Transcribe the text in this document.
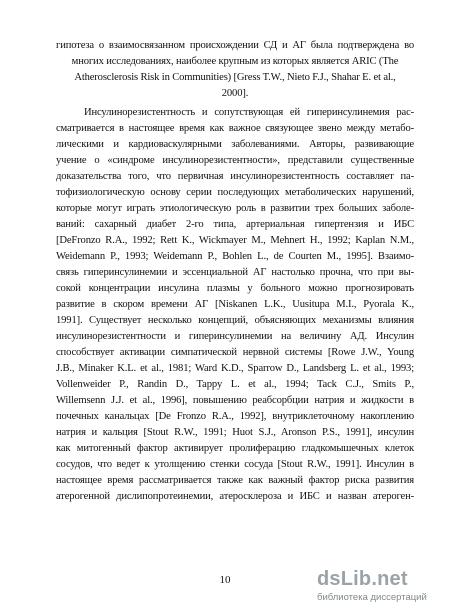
гипотеза о взаимосвязанном происхождении СД и АГ была подтверждена во
многих исследованиях, наиболее крупным из которых является ARIC (The
Atherosclerosis Risk in Communities) [Gress T.W., Nieto F.J., Shahar E. et al.,
2000].
Инсулинорезистентность и сопутствующая ей гиперинсулинемия рас-
сматривается в настоящее время как важное связующее звено между метабо-
лическими и кардиоваскулярными заболеваниями. Авторы, развивающие
учение о «синдроме инсулинорезистентности», представили существенные
доказательства того, что первичная инсулинорезистентность составляет па-
тофизиологическую основу серии последующих метаболических нарушений,
которые могут играть этиологическую роль в развитии трех больших заболе-
ваний: сахарный диабет 2-го типа, артериальная гипертензия и ИБС
[DeFronzo R.A., 1992; Rett K., Wickmayer M., Mehnert H., 1992; Kaplan N.M.,
Weidemann P., 1993; Weidemann P., Bohlen L., de Courten M., 1995]. Взаимо-
связь гиперинсулинемии и эссенциальной АГ настолько прочна, что при вы-
сокой концентрации инсулина плазмы у больного можно прогнозировать
развитие в скором времени АГ [Niskanen L.K., Uusitupa M.I., Pyorala K.,
1991]. Существует несколько концепций, объясняющих механизмы влияния
инсулинорезистентности и гиперинсулинемии на величину АД. Инсулин
способствует активации симпатической нервной системы [Rowe J.W., Young
J.B., Minaker K.L. et al., 1981; Ward K.D., Sparrow D., Landsberg L. et al., 1993;
Vollenweider P., Randin D., Tappy L. et al., 1994; Tack C.J., Smits P.,
Willemsenn J.J. et al., 1996], повышению реабсорбции натрия и жидкости в
почечных канальцах [De Fronzo R.A., 1992], внутриклеточному накоплению
натрия и кальция [Stout R.W., 1991; Huot S.J., Aronson P.S., 1991], инсулин
как митогенный фактор активирует пролиферацию гладкомышечных клеток
сосудов, что ведет к утолщению стенки сосуда [Stout R.W., 1991]. Инсулин в
настоящее время рассматривается также как важный фактор риска развития
атерогенной дислипопротеинемии, атеросклероза и ИБС и назван атероген-
10	dsLib.net
библиотека диссертаций
